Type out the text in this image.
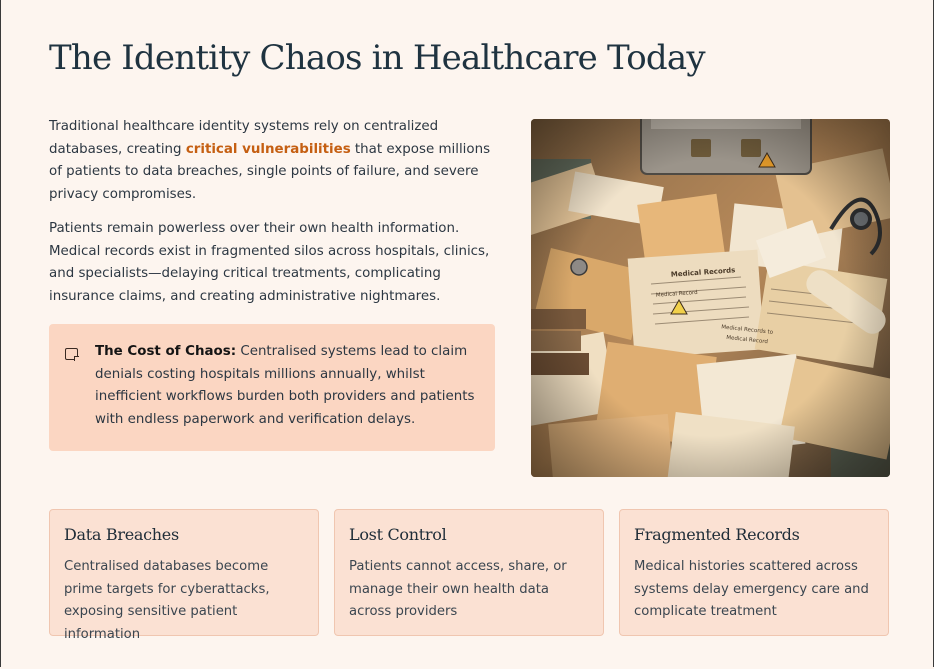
The Identity Chaos in Healthcare Today

Traditional healthcare identity systems rely on centralized databases, creating critical vulnerabilities that expose millions of patients to data breaches, single points of failure, and severe privacy compromises.

Patients remain powerless over their own health information. Medical records exist in fragmented silos across hospitals, clinics, and specialists—delaying critical treatments, complicating insurance claims, and creating administrative nightmares.

The Cost of Chaos: Centralised systems lead to claim denials costing hospitals millions annually, whilst inefficient workflows burden both providers and patients with endless paperwork and verification delays.
Data Breaches

Centralised databases become prime targets for cyberattacks, exposing sensitive patient information

Lost Control

Patients cannot access, share, or manage their own health data across providers

Fragmented Records

Medical histories scattered across systems delay emergency care and complicate treatment
